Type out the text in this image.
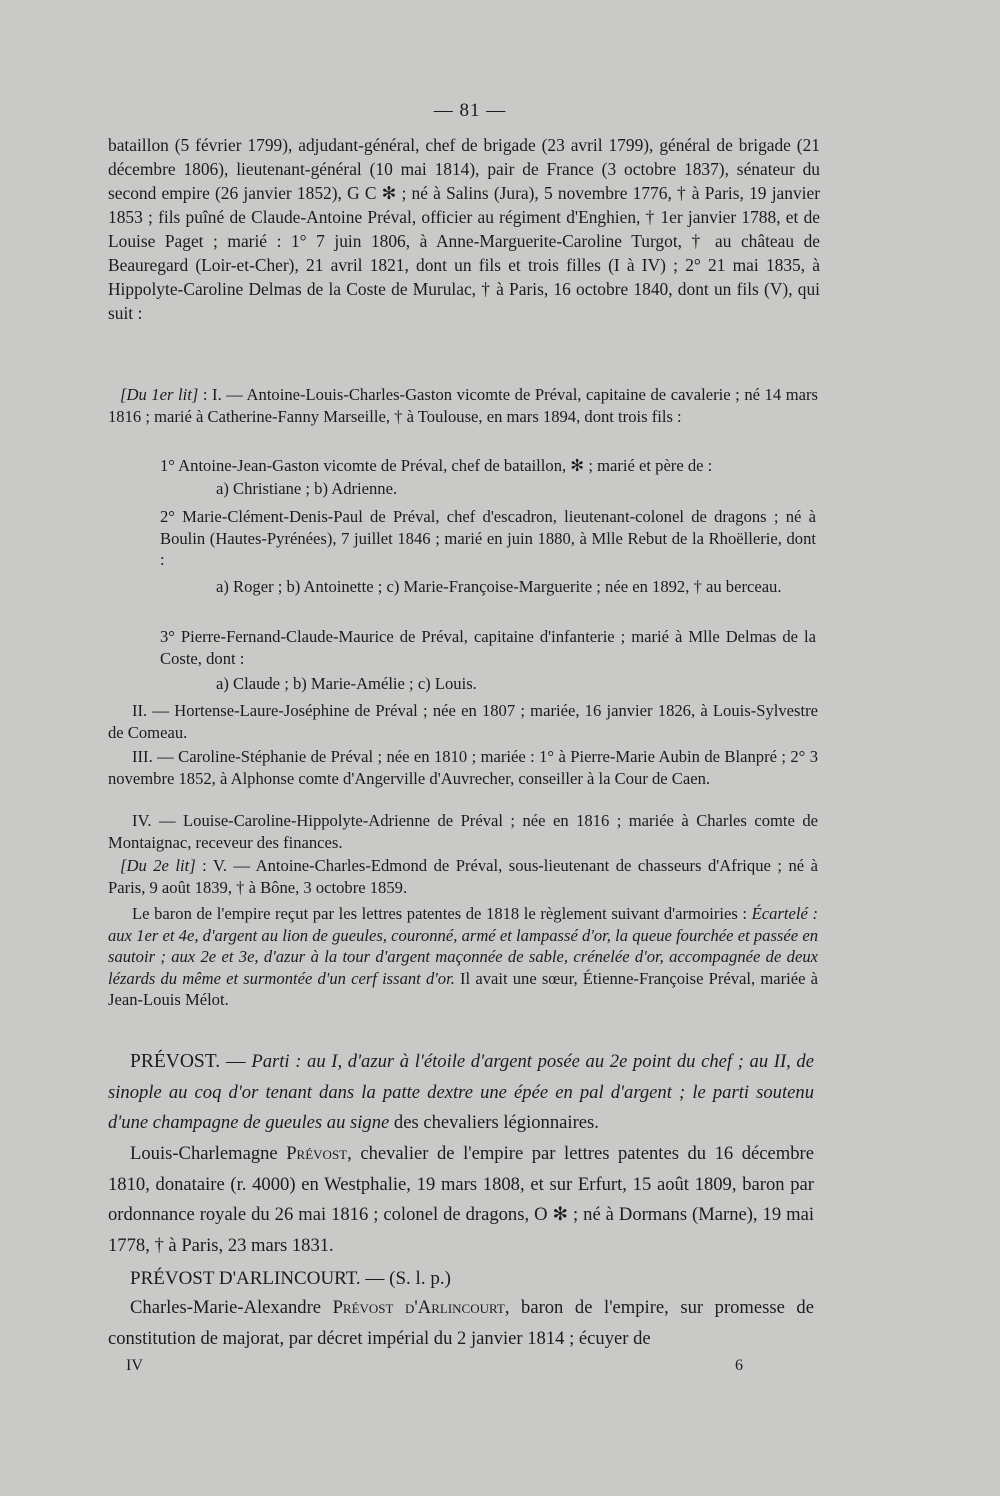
— 81 —

bataillon (5 février 1799), adjudant-général, chef de brigade (23 avril 1799), général de brigade (21 décembre 1806), lieutenant-général (10 mai 1814), pair de France (3 octobre 1837), sénateur du second empire (26 janvier 1852), G C ✻ ; né à Salins (Jura), 5 novembre 1776, † à Paris, 19 janvier 1853 ; fils puîné de Claude-Antoine Préval, officier au régiment d'Enghien, † 1er janvier 1788, et de Louise Paget ; marié : 1° 7 juin 1806, à Anne-Marguerite-Caroline Turgot, † au château de Beauregard (Loir-et-Cher), 21 avril 1821, dont un fils et trois filles (I à IV) ; 2° 21 mai 1835, à Hippolyte-Caroline Delmas de la Coste de Murulac, † à Paris, 16 octobre 1840, dont un fils (V), qui suit :

[Du 1er lit] : I. — Antoine-Louis-Charles-Gaston vicomte de Préval, capitaine de cavalerie ; né 14 mars 1816 ; marié à Catherine-Fanny Marseille, † à Toulouse, en mars 1894, dont trois fils :

1° Antoine-Jean-Gaston vicomte de Préval, chef de bataillon, ✻ ; marié et père de :

a) Christiane ; b) Adrienne.

2° Marie-Clément-Denis-Paul de Préval, chef d'escadron, lieutenant-colonel de dragons ; né à Boulin (Hautes-Pyrénées), 7 juillet 1846 ; marié en juin 1880, à Mlle Rebut de la Rhoëllerie, dont :

a) Roger ; b) Antoinette ; c) Marie-Françoise-Marguerite ; née en 1892, † au berceau.

3° Pierre-Fernand-Claude-Maurice de Préval, capitaine d'infanterie ; marié à Mlle Delmas de la Coste, dont :

a) Claude ; b) Marie-Amélie ; c) Louis.

II. — Hortense-Laure-Joséphine de Préval ; née en 1807 ; mariée, 16 janvier 1826, à Louis-Sylvestre de Comeau.

III. — Caroline-Stéphanie de Préval ; née en 1810 ; mariée : 1° à Pierre-Marie Aubin de Blanpré ; 2° 3 novembre 1852, à Alphonse comte d'Angerville d'Auvrecher, conseiller à la Cour de Caen.

IV. — Louise-Caroline-Hippolyte-Adrienne de Préval ; née en 1816 ; mariée à Charles comte de Montaignac, receveur des finances.

[Du 2e lit] : V. — Antoine-Charles-Edmond de Préval, sous-lieutenant de chasseurs d'Afrique ; né à Paris, 9 août 1839, † à Bône, 3 octobre 1859.

Le baron de l'empire reçut par les lettres patentes de 1818 le règlement suivant d'armoiries : Écartelé : aux 1er et 4e, d'argent au lion de gueules, couronné, armé et lampassé d'or, la queue fourchée et passée en sautoir ; aux 2e et 3e, d'azur à la tour d'argent maçonnée de sable, crénelée d'or, accompagnée de deux lézards du même et surmontée d'un cerf issant d'or. Il avait une sœur, Étienne-Françoise Préval, mariée à Jean-Louis Mélot.

PRÉVOST. — Parti : au I, d'azur à l'étoile d'argent posée au 2e point du chef ; au II, de sinople au coq d'or tenant dans la patte dextre une épée en pal d'argent ; le parti soutenu d'une champagne de gueules au signe des chevaliers légionnaires.

Louis-Charlemagne Prévost, chevalier de l'empire par lettres patentes du 16 décembre 1810, donataire (r. 4000) en Westphalie, 19 mars 1808, et sur Erfurt, 15 août 1809, baron par ordonnance royale du 26 mai 1816 ; colonel de dragons, O ✻ ; né à Dormans (Marne), 19 mai 1778, † à Paris, 23 mars 1831.

PRÉVOST D'ARLINCOURT. — (S. l. p.)

Charles-Marie-Alexandre Prévost d'Arlincourt, baron de l'empire, sur promesse de constitution de majorat, par décret impérial du 2 janvier 1814 ; écuyer de

IV	6
